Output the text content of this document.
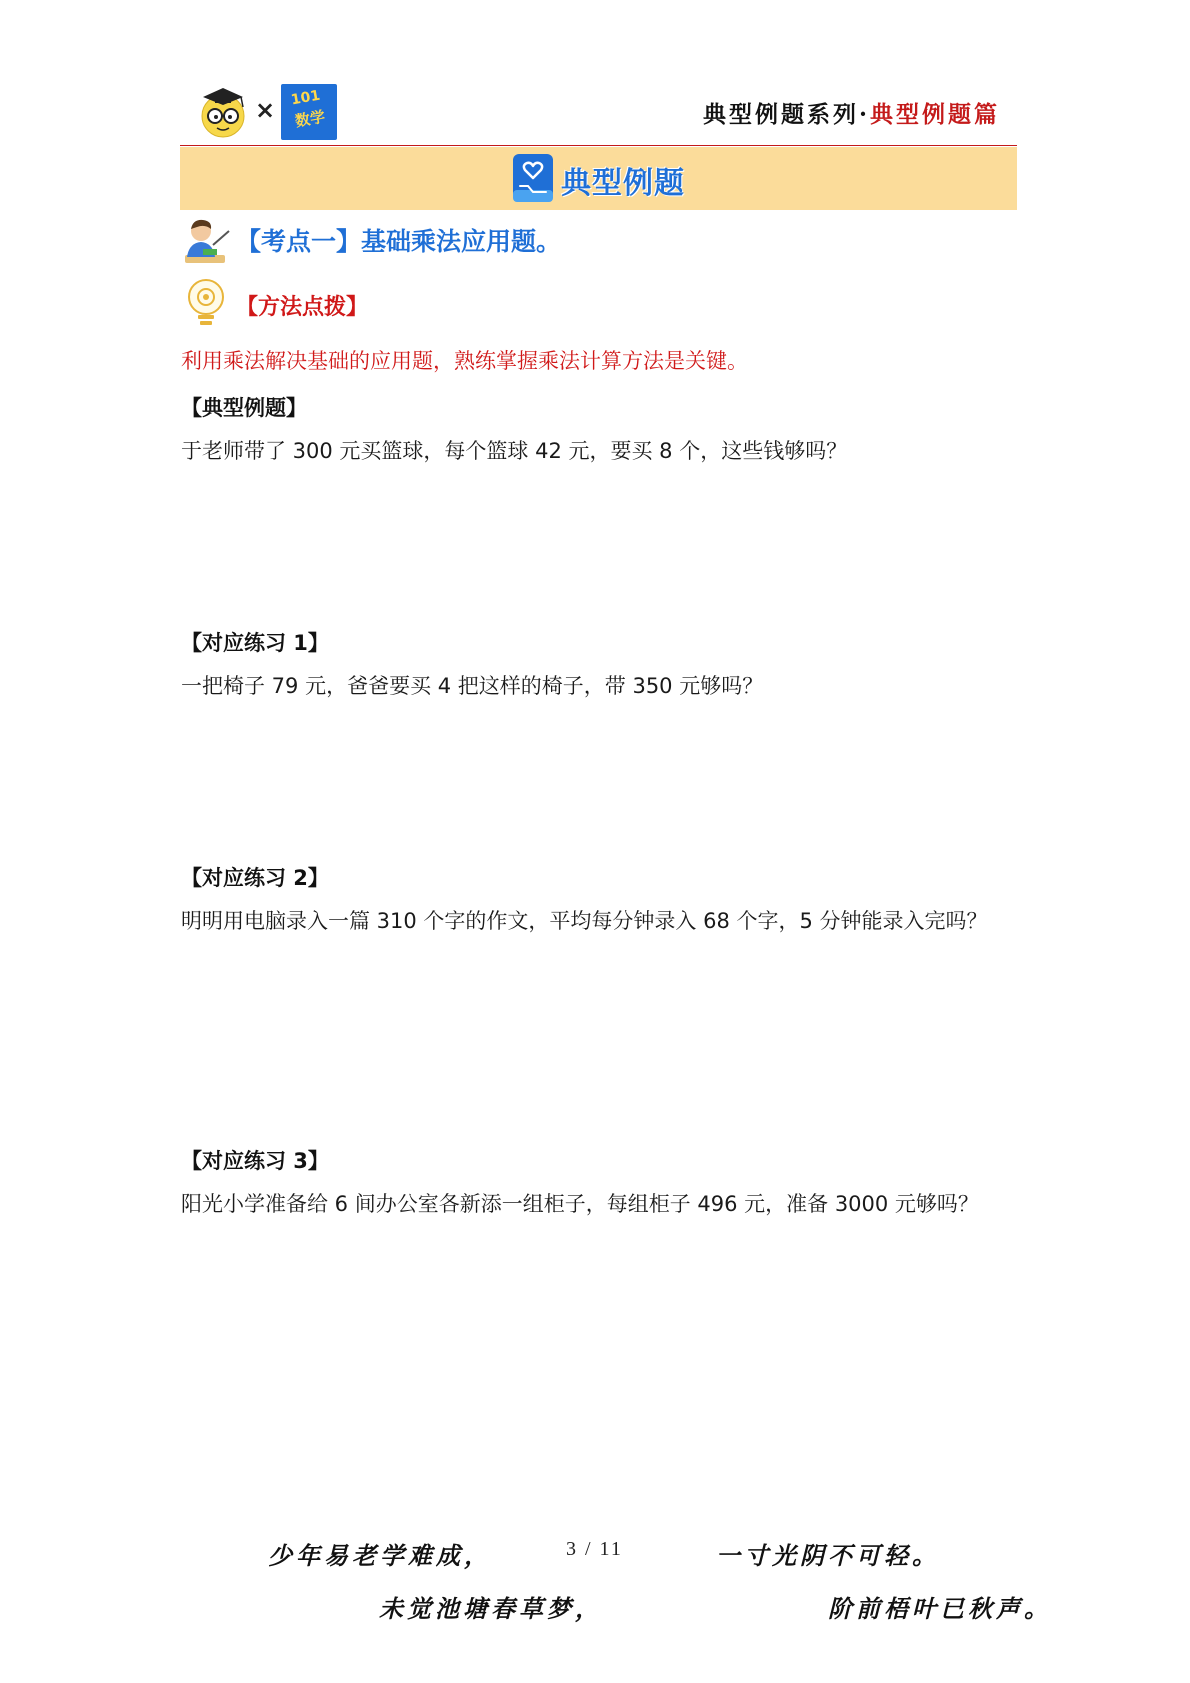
× 101
数学	典型例题系列·典型例题篇
典型例题
【考点一】基础乘法应用题。
【方法点拨】
利用乘法解决基础的应用题，熟练掌握乘法计算方法是关键。
【典型例题】
于老师带了 300 元买篮球，每个篮球 42 元，要买 8 个，这些钱够吗？
【对应练习 1】
一把椅子 79 元，爸爸要买 4 把这样的椅子，带 350 元够吗？
【对应练习 2】
明明用电脑录入一篇 310 个字的作文，平均每分钟录入 68 个字，5 分钟能录入完吗？
【对应练习 3】
阳光小学准备给 6 间办公室各新添一组柜子，每组柜子 496 元，准备 3000 元够吗？
少年易老学难成，	3 / 11	一寸光阴不可轻。
未觉池塘春草梦，	阶前梧叶已秋声。
